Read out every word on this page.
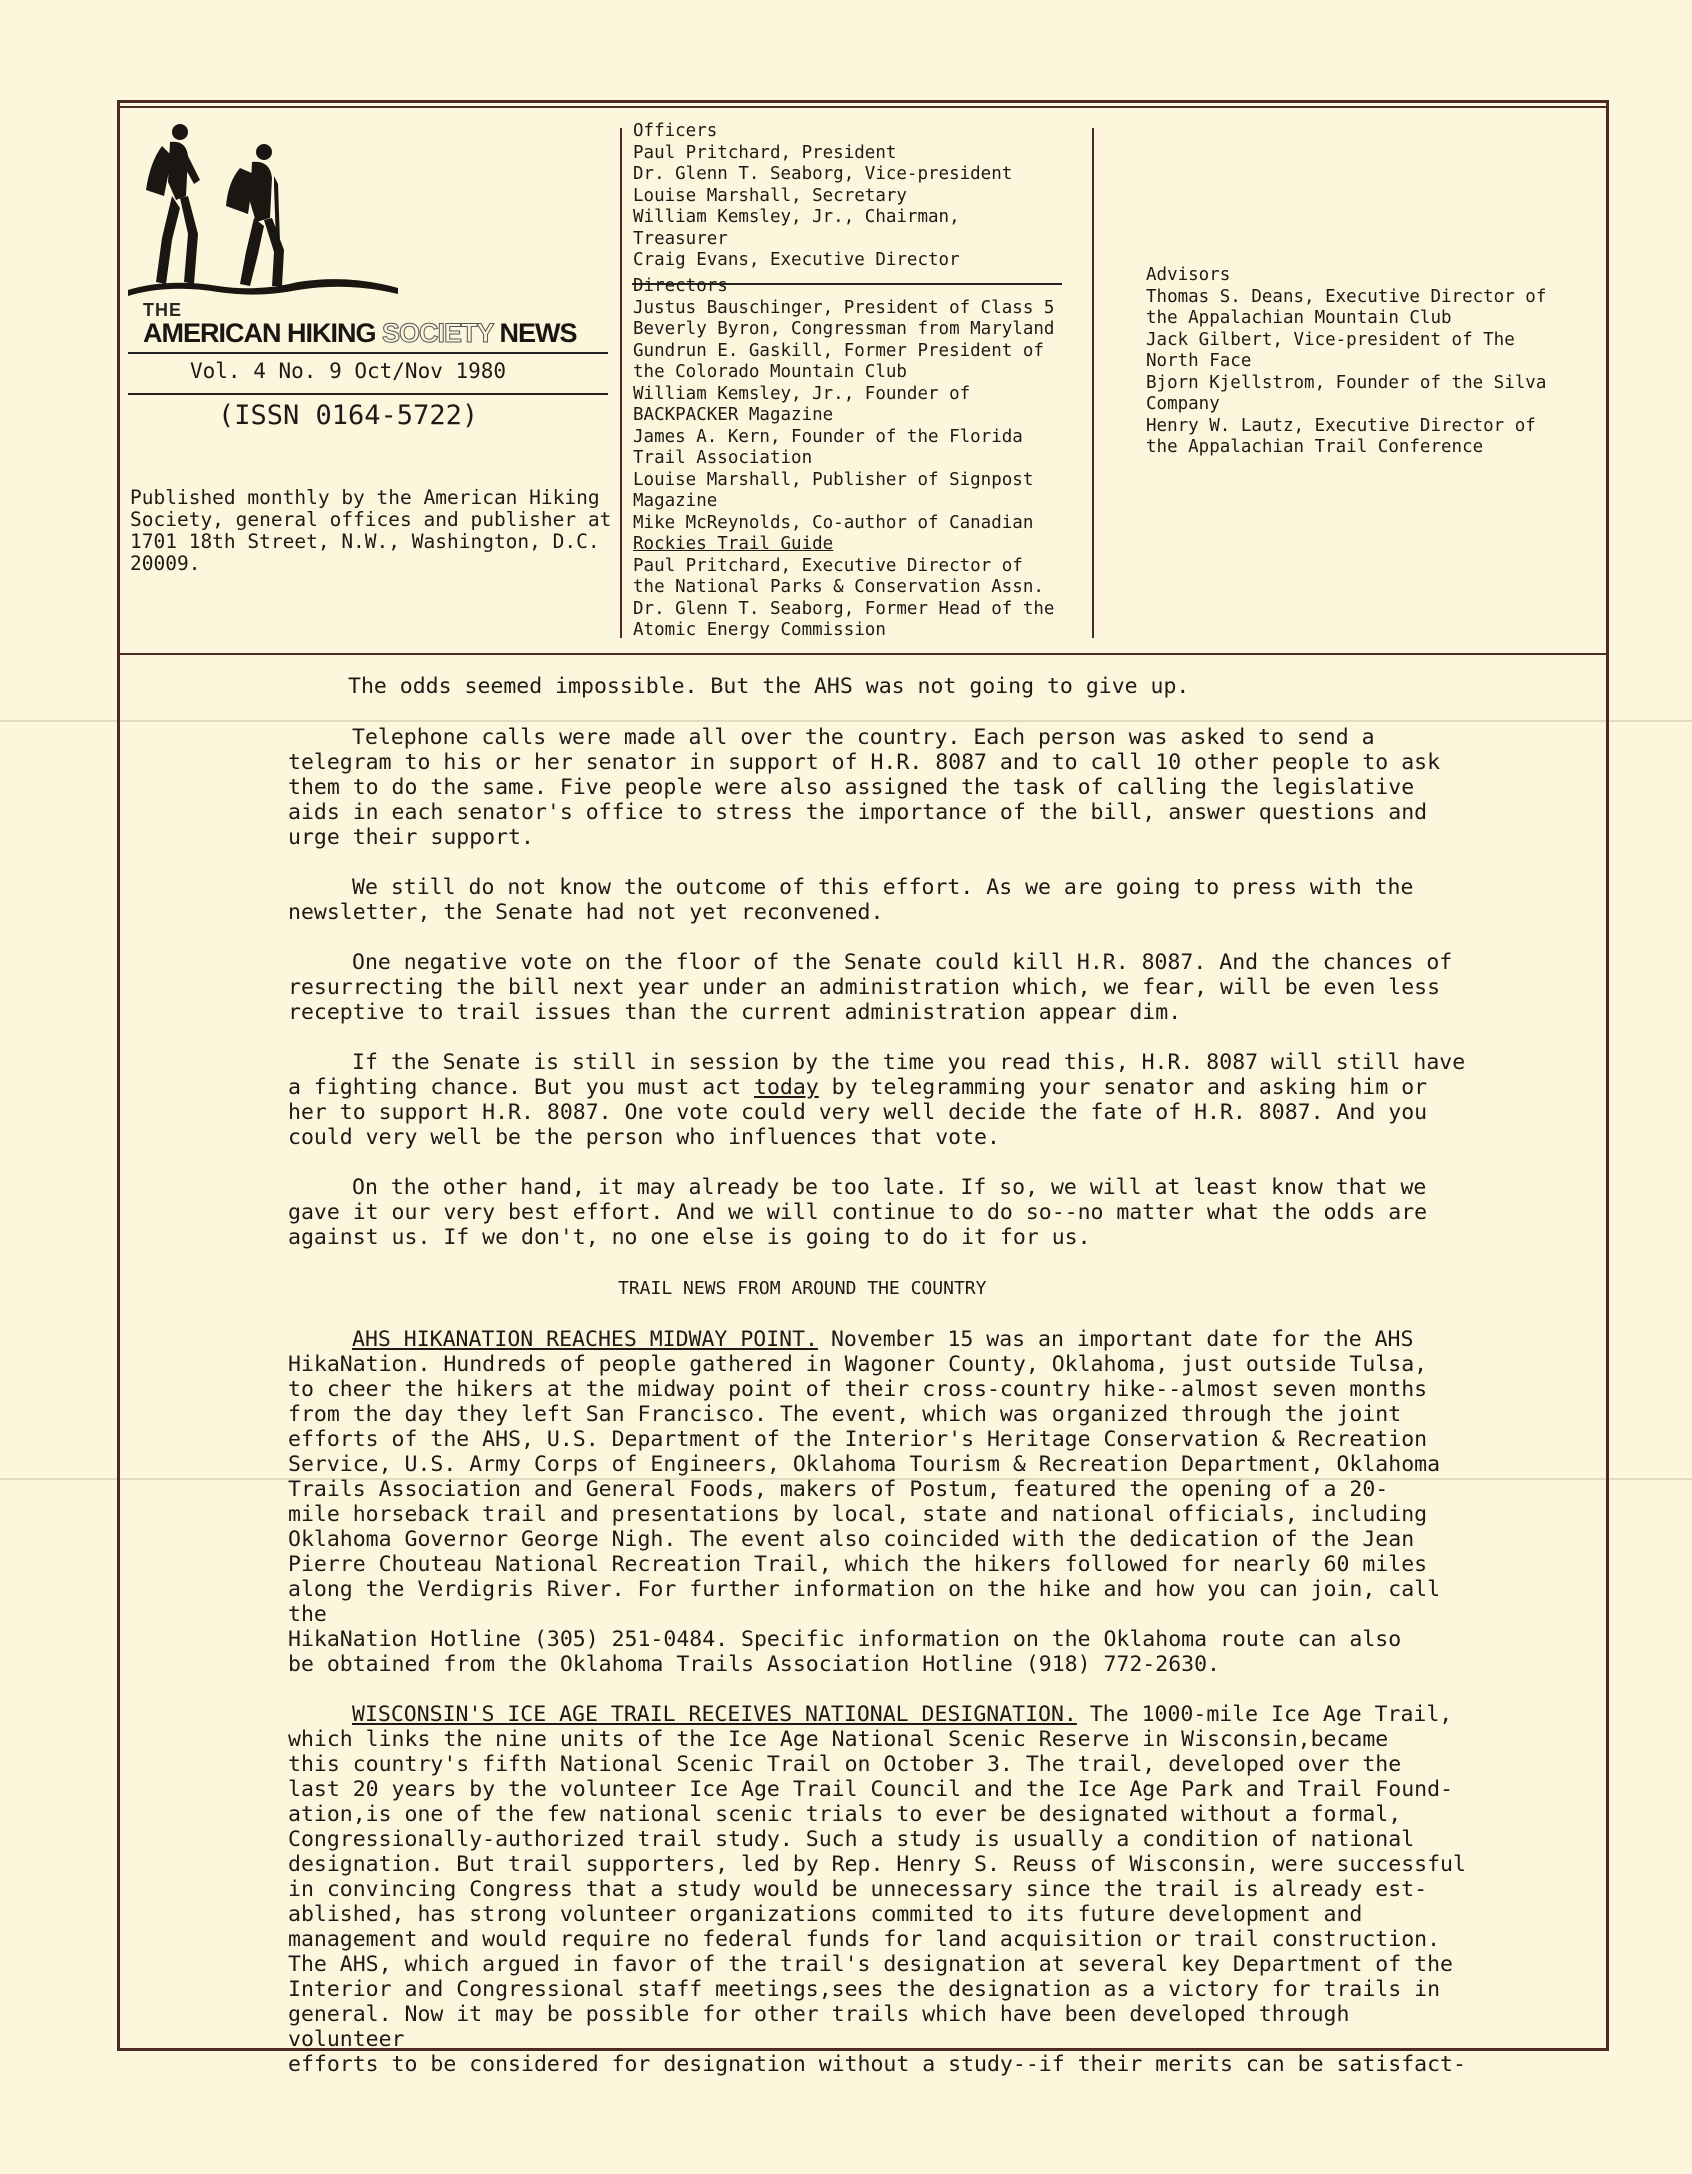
THE
AMERICAN HIKING SOCIETY NEWS
Vol. 4 No. 9 Oct/Nov 1980
(ISSN 0164-5722)
Published monthly by the American Hiking Society, general offices and publisher at 1701 18th Street, N.W., Washington, D.C. 20009.
Officers
Paul Pritchard, President
Dr. Glenn T. Seaborg, Vice-president
Louise Marshall, Secretary
William Kemsley, Jr., Chairman,
Treasurer
Craig Evans, Executive Director
Directors
Justus Bauschinger, President of Class 5
Beverly Byron, Congressman from Maryland
Gundrun E. Gaskill, Former President of
the Colorado Mountain Club
William Kemsley, Jr., Founder of
BACKPACKER Magazine
James A. Kern, Founder of the Florida
Trail Association
Louise Marshall, Publisher of Signpost
Magazine
Mike McReynolds, Co-author of Canadian
Rockies Trail Guide
Paul Pritchard, Executive Director of
the National Parks & Conservation Assn.
Dr. Glenn T. Seaborg, Former Head of the
Atomic Energy Commission
Advisors
Thomas S. Deans, Executive Director of
the Appalachian Mountain Club
Jack Gilbert, Vice-president of The
North Face
Bjorn Kjellstrom, Founder of the Silva
Company
Henry W. Lautz, Executive Director of
the Appalachian Trail Conference
The odds seemed impossible. But the AHS was not going to give up.

Telephone calls were made all over the country. Each person was asked to send a
telegram to his or her senator in support of H.R. 8087 and to call 10 other people to ask
them to do the same. Five people were also assigned the task of calling the legislative
aids in each senator's office to stress the importance of the bill, answer questions and
urge their support.

We still do not know the outcome of this effort. As we are going to press with the
newsletter, the Senate had not yet reconvened.

One negative vote on the floor of the Senate could kill H.R. 8087. And the chances of
resurrecting the bill next year under an administration which, we fear, will be even less
receptive to trail issues than the current administration appear dim.

If the Senate is still in session by the time you read this, H.R. 8087 will still have
a fighting chance. But you must act today by telegramming your senator and asking him or
her to support H.R. 8087. One vote could very well decide the fate of H.R. 8087. And you
could very well be the person who influences that vote.

On the other hand, it may already be too late. If so, we will at least know that we
gave it our very best effort. And we will continue to do so--no matter what the odds are
against us. If we don't, no one else is going to do it for us.

TRAIL NEWS FROM AROUND THE COUNTRY

AHS HIKANATION REACHES MIDWAY POINT. November 15 was an important date for the AHS
HikaNation. Hundreds of people gathered in Wagoner County, Oklahoma, just outside Tulsa,
to cheer the hikers at the midway point of their cross-country hike--almost seven months
from the day they left San Francisco. The event, which was organized through the joint
efforts of the AHS, U.S. Department of the Interior's Heritage Conservation & Recreation
Service, U.S. Army Corps of Engineers, Oklahoma Tourism & Recreation Department, Oklahoma
Trails Association and General Foods, makers of Postum, featured the opening of a 20-
mile horseback trail and presentations by local, state and national officials, including
Oklahoma Governor George Nigh. The event also coincided with the dedication of the Jean
Pierre Chouteau National Recreation Trail, which the hikers followed for nearly 60 miles
along the Verdigris River. For further information on the hike and how you can join, call the
HikaNation Hotline (305) 251-0484. Specific information on the Oklahoma route can also
be obtained from the Oklahoma Trails Association Hotline (918) 772-2630.

WISCONSIN'S ICE AGE TRAIL RECEIVES NATIONAL DESIGNATION. The 1000-mile Ice Age Trail,
which links the nine units of the Ice Age National Scenic Reserve in Wisconsin,became
this country's fifth National Scenic Trail on October 3. The trail, developed over the
last 20 years by the volunteer Ice Age Trail Council and the Ice Age Park and Trail Found-
ation,is one of the few national scenic trials to ever be designated without a formal,
Congressionally-authorized trail study. Such a study is usually a condition of national
designation. But trail supporters, led by Rep. Henry S. Reuss of Wisconsin, were successful
in convincing Congress that a study would be unnecessary since the trail is already est-
ablished, has strong volunteer organizations commited to its future development and
management and would require no federal funds for land acquisition or trail construction.
The AHS, which argued in favor of the trail's designation at several key Department of the
Interior and Congressional staff meetings,sees the designation as a victory for trails in
general. Now it may be possible for other trails which have been developed through volunteer
efforts to be considered for designation without a study--if their merits can be satisfact-
